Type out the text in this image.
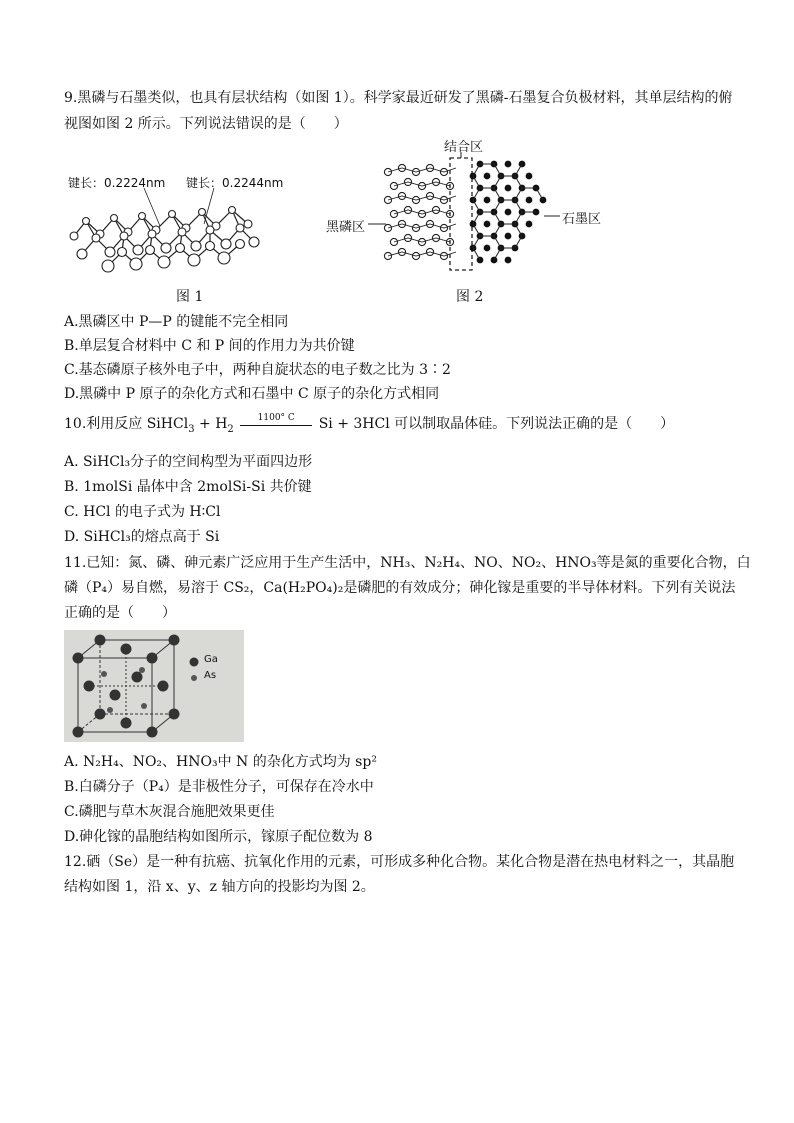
9.黑磷与石墨类似，也具有层状结构（如图 1）。科学家最近研发了黑磷-石墨复合负极材料，其单层结构的俯
视图如图 2 所示。下列说法错误的是（　　）
键长：0.2224nm 键长：0.2244nm
图 1
结合区
黑磷区
石墨区
图 2
A.黑磷区中 P—P 的键能不完全相同
B.单层复合材料中 C 和 P 间的作用力为共价键
C.基态磷原子核外电子中，两种自旋状态的电子数之比为 3∶2
D.黑磷中 P 原子的杂化方式和石墨中 C 原子的杂化方式相同
10.利用反应 SiHCl$_3$ + $H_2$
1100° C	Si + 3HCl 可以制取晶体硅。下列说法正确的是（　　）
A. SiHCl₃分子的空间构型为平面四边形
B. 1molSi 晶体中含 2molSi-Si 共价键
C. HCl 的电子式为 H∶Cl
D. SiHCl₃的熔点高于 Si
11.已知：氮、磷、砷元素广泛应用于生产生活中，NH₃、N₂H₄、NO、NO₂、HNO₃等是氮的重要化合物，白
磷（P₄）易自燃，易溶于 CS₂，Ca(H₂PO₄)₂是磷肥的有效成分；砷化镓是重要的半导体材料。下列有关说法
正确的是（　　）
Ga
As
A. N₂H₄、NO₂、HNO₃中 N 的杂化方式均为 sp²
B.白磷分子（P₄）是非极性分子，可保存在冷水中
C.磷肥与草木灰混合施肥效果更佳
D.砷化镓的晶胞结构如图所示，镓原子配位数为 8
12.硒（Se）是一种有抗癌、抗氧化作用的元素，可形成多种化合物。某化合物是潜在热电材料之一，其晶胞
结构如图 1，沿 x、y、z 轴方向的投影均为图 2。
